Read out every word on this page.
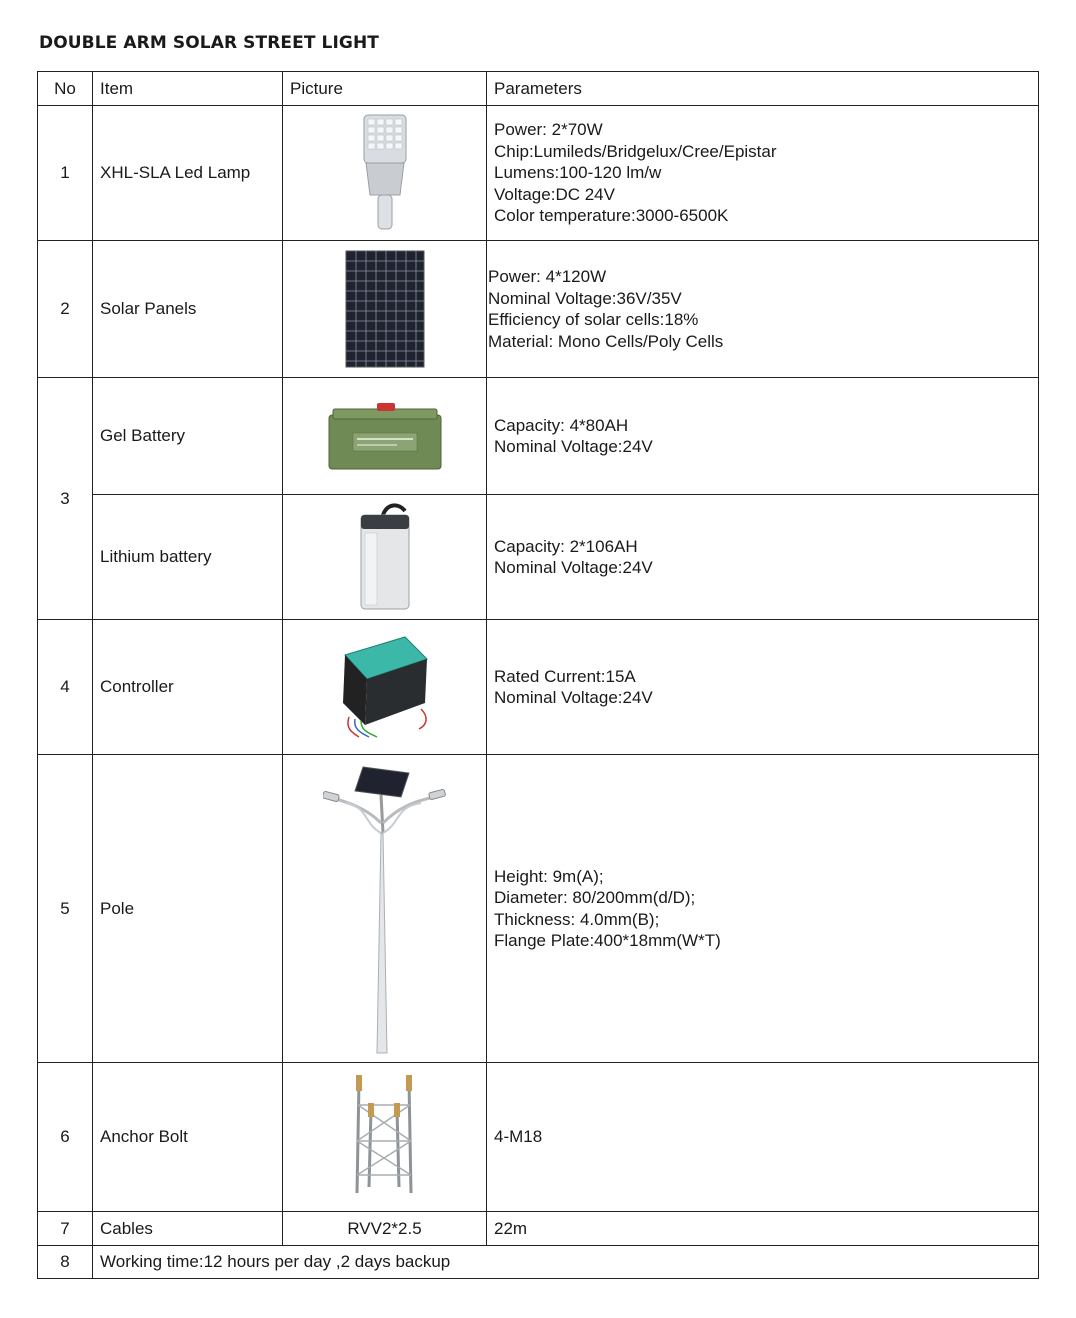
DOUBLE ARM SOLAR STREET LIGHT
No	Item	Picture	Parameters
1	XHL-SLA Led Lamp		Power: 2*70W
Chip:Lumileds/Bridgelux/Cree/Epistar
Lumens:100-120 lm/w
Voltage:DC 24V
Color temperature:3000-6500K

2	Solar Panels		Power: 4*120W
Nominal Voltage:36V/35V
Efficiency of solar cells:18%
Material: Mono Cells/Poly Cells

3	Gel Battery		Capacity: 4*80AH
Nominal Voltage:24V

	Lithium battery		Capacity: 2*106AH
Nominal Voltage:24V

4	Controller		Rated Current:15A
Nominal Voltage:24V

5	Pole		Height: 9m(A);
Diameter: 80/200mm(d/D);
Thickness: 4.0mm(B);
Flange Plate:400*18mm(W*T)

6	Anchor Bolt		4-M18

7	Cables	RVV2*2.5	22m

8	Working time:12 hours per day ,2 days backup		
